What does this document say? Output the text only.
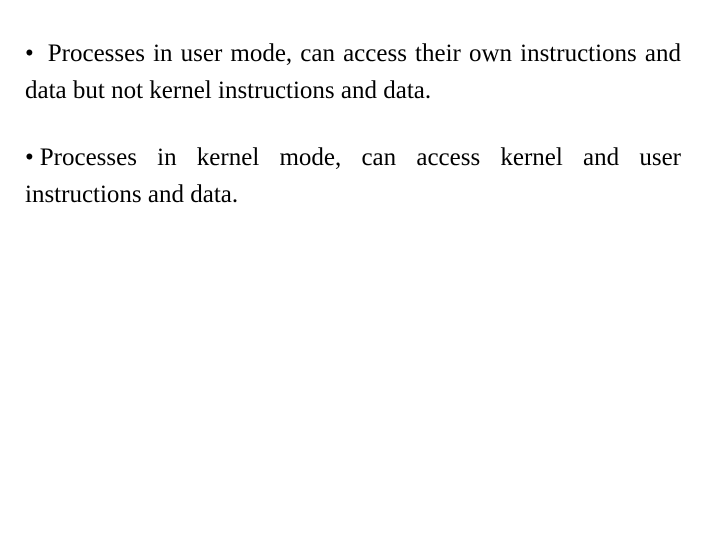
• Processes in user mode, can access their own instructions and data but not kernel instructions and data.

• Processes in kernel mode, can access kernel and user instructions and data.
